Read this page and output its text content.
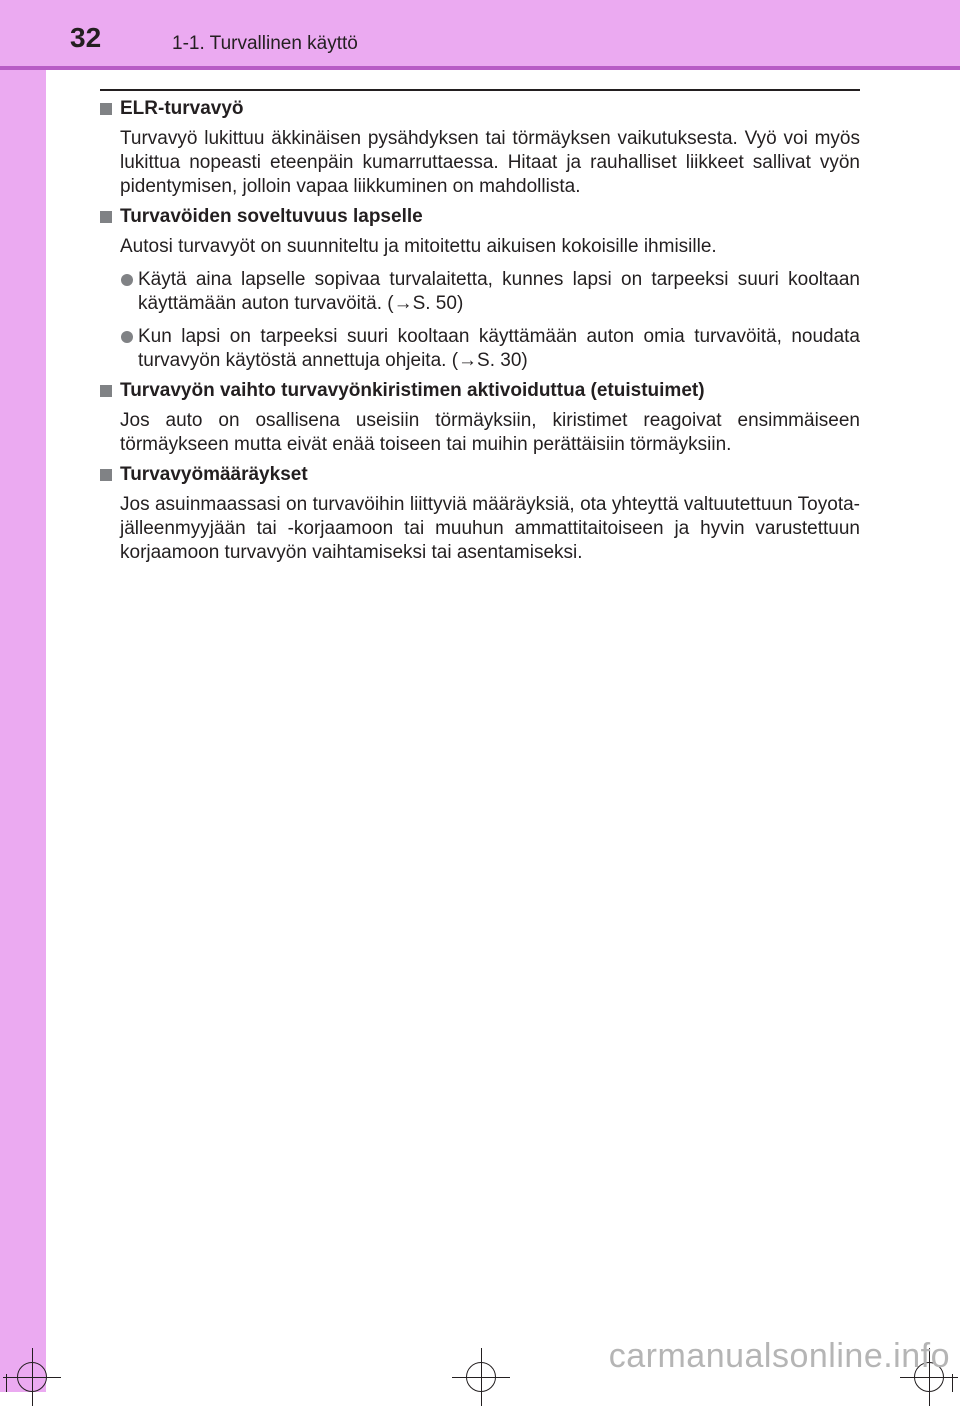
32	1-1. Turvallinen käyttö
ELR-turvavyö
Turvavyö lukittuu äkkinäisen pysähdyksen tai törmäyksen vaikutuksesta. Vyö voi myös lukittua nopeasti eteenpäin kumarruttaessa. Hitaat ja rauhalliset liikkeet sallivat vyön pidentymisen, jolloin vapaa liikkuminen on mahdollista.
Turvavöiden soveltuvuus lapselle
Autosi turvavyöt on suunniteltu ja mitoitettu aikuisen kokoisille ihmisille.
Käytä aina lapselle sopivaa turvalaitetta, kunnes lapsi on tarpeeksi suuri kooltaan käyttämään auton turvavöitä. (→S. 50)
Kun lapsi on tarpeeksi suuri kooltaan käyttämään auton omia turvavöitä, noudata turvavyön käytöstä annettuja ohjeita. (→S. 30)
Turvavyön vaihto turvavyönkiristimen aktivoiduttua (etuistuimet)
Jos auto on osallisena useisiin törmäyksiin, kiristimet reagoivat ensimmäiseen törmäykseen mutta eivät enää toiseen tai muihin perättäisiin törmäyksiin.
Turvavyömääräykset
Jos asuinmaassasi on turvavöihin liittyviä määräyksiä, ota yhteyttä valtuutettuun Toyota-jälleenmyyjään tai -korjaamoon tai muuhun ammattitaitoiseen ja hyvin varustettuun korjaamoon turvavyön vaihtamiseksi tai asentamiseksi.
carmanualsonline.info
